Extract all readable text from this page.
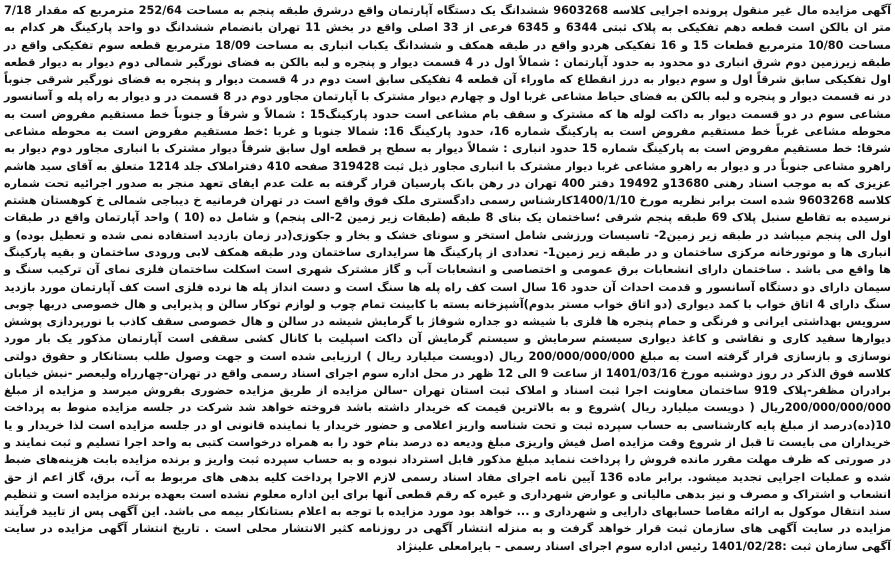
آگهی مزایده مال غیر منقول پرونده اجرایی کلاسه 9603268 ششدانگ یک دستگاه آپارتمان واقع درشرق طبقه پنجم به مساحت 252/64 مترمربع که مقدار 7/18 متر ان بالکن است قطعه دهم تفکیکی به پلاک ثبتی 6344 و 6345 فرعی از 33 اصلی واقع در بخش 11 تهران بانضمام ششدانگ دو واحد پارکینگ هر کدام به مساحت 10/80 مترمربع قطعات 15 و 16 تفکیکی هردو واقع در طبقه همکف و ششدانگ یکباب انباری به مساحت 18/09 مترمربع قطعه سوم تفکیکی واقع در طبقه زیرزمین دوم شرق انباری دو محدود به حدود آپارتمان : شمالاً اول در 4 قسمت دیوار و پنجره و لبه بالکن به فضای نورگیر شمالی دوم دیوار به دیوار قطعه اول تفکیکی سابق شرقاً اول و سوم دیوار به درز انقطاع که ماوراء آن قطعه 4 تفکیکی سابق است دوم در 4 قسمت دیوار و پنجره به فضای نورگیر شرقی جنوباً در نه قسمت دیوار و پنجره و لبه بالکن به فضای حیاط مشاعی غربا اول و چهارم دیوار مشترک با آپارتمان مجاور دوم در 8 قسمت در و دیوار به راه پله و آسانسور مشاعی سوم در دو قسمت دیوار به داکت لوله ها که مشترک و سقف بام مشاعی است حدود پارکینگ15 : شمالاً و شرقاً و جنوباً خط مستقیم مفروض است به محوطه مشاعی غرباً خط مستقیم مفروض است به پارکینگ شماره 16، حدود پارکینگ 16: شمالا جنوبا و غربا :خط مستقیم مفروض است به محوطه مشاعی شرقا: خط مستقیم مفروض است به پارکینگ شماره 15 حدود انباری : شمالاً دیوار به سطح پر قطعه اول سابق شرقاً دیوار مشترک با انباری مجاور دوم دیوار به راهرو مشاعی جنوباً در و دیوار به راهرو مشاعی غربا دیوار مشترک با انباری مجاور ذیل ثبت 319428 صفحه 410 دفتراملاک جلد 1214 متعلق به آقای سید هاشم عزیزی که به موجب اسناد رهنی 13680و 19492 دفتر 400 تهران در رهن بانک پارسیان قرار گرفته به علت عدم ایفای تعهد منجر به صدور اجرائیه تحت شماره کلاسه 9603268 شده است برابر نظریه مورخ 1400/1/10کارشناس رسمی دادگستری ملک فوق واقع است در تهران فرمانیه خ دیباجی شمالی خ کوهستان هشتم نرسیده به تقاطع سنبل پلاک 69 طبقه پنجم شرقی ؛ساختمان یک بنای 8 طبقه (طبقات زیر زمین 2-الی پنجم) و شامل ده (10 ) واحد آپارتمان واقع در طبقات اول الی پنجم میباشد در طبقه زیر زمین2- تاسیسات ورزشی شامل استخر و سونای خشک و بخار و جکوزی(در زمان بازدید استفاده نمی شده و تعطیل بوده) و انباری ها و موتورخانه مرکزی ساختمان و در طبقه زیر زمین1- تعدادی از پارکینگ ها سرایداری ساختمان ودر طبقه همکف لابی ورودی ساختمان و بقیه پارکینگ ها واقع می باشد . ساختمان دارای انشعابات برق عمومی و اختصاصی و انشعابات آب و گاز مشترک شهری است اسکلت ساختمان فلزی نمای آن ترکیب سنگ و سیمان دارای دو دستگاه آسانسور و قدمت احداث آن حدود 16 سال است کف راه پله ها سنگ است و دست انداز پله ها نرده فلزی است کف آپارتمان مورد بازدید سنگ دارای 4 اتاق خواب با کمد دیواری (دو اتاق خواب مستر بدوم)آشپزخانه بسته با کابینت تمام چوب و لوازم توکار سالن و پذیرایی و هال خصوصی دربها چوبی سرویس بهداشتی ایرانی و فرنگی و حمام پنجره ها فلزی با شیشه دو جداره شوفاژ با گرمایش شیشه در سالن و هال خصوصی سقف کاذب با نورپردازی پوشش دیوارها سفید کاری و نقاشی و کاغذ دیواری سیستم سرمایش و سیستم گرمایش آن داکت اسپلیت با کانال کشی سقفی است آپارتمان مذکور یک بار مورد نوسازی و بازسازی قرار گرفته است به مبلغ 200/000/000/000 ریال (دویست میلیارد ریال ) ارزیابی شده است و جهت وصول طلب بستانکار و حقوق دولتی کلاسه فوق الذکر در روز دوشنبه مورخ 1401/03/16 از ساعت 9 الی 12 ظهر در محل اداره سوم اجرای اسناد رسمی واقع در تهران-چهارراه ولیعصر -نبش خیابان برادران مظفر-پلاک 919 ساختمان معاونت اجرا ثبت اسناد و املاک ثبت استان تهران -سالن مزایده از طریق مزایده حضوری بفروش میرسد و مزایده از مبلغ 200/000/000/000ریال ( دویست میلیارد ریال )شروع و به بالاترین قیمت که خریدار داشته باشد فروخته خواهد شد شرکت در جلسه مزایده منوط به پرداخت 10(ده)درصد از مبلغ پایه کارشناسی به حساب سپرده ثبت و تحت شناسه واریز اعلامی و حضور خریدار یا نماینده قانونی او در جلسه مزایده است لذا خریدار و یا خریداران می بایست تا قبل از شروع وقت مزایده اصل فیش واریزی مبلغ ودیعه ده درصد بنام خود را به همراه درخواست کتبی به واحد اجرا تسلیم و ثبت نمایند و در صورتی که ظرف مهلت مقرر مانده فروش را پرداخت ننماید مبلغ مذکور قابل استرداد نبوده و به حساب سپرده ثبت واریز و برنده مزایده بابت هزینه‌های ضبط شده و عملیات اجرایی تجدید میشود. برابر ماده 136 آیین نامه اجرای مفاد اسناد رسمی لازم الاجرا پرداخت کلیه بدهی های مربوط به آب، برق، گاز اعم از حق انشعاب و اشتراک و مصرف و نیز بدهی مالیاتی و عوارض شهرداری و غیره که رقم قطعی آنها برای این اداره معلوم نشده است بعهده برنده مزایده است و تنظیم سند انتقال موکول به ارائه مفاصا حسابهای دارایی و شهرداری و ... خواهد بود مورد مزایده با توجه به اعلام بستانکار بیمه می باشد. این آگهی پس از تایید فرآیند مزایده در سایت آگهی های سازمان ثبت قرار خواهد گرفت و به منزله انتشار آگهی در روزنامه کثیر الانتشار محلی است . تاریخ انتشار آگهی مزایده در سایت آگهی سازمان ثبت :1401/02/28 رئیس اداره سوم اجرای اسناد رسمی – بایرامعلی علینژاد
